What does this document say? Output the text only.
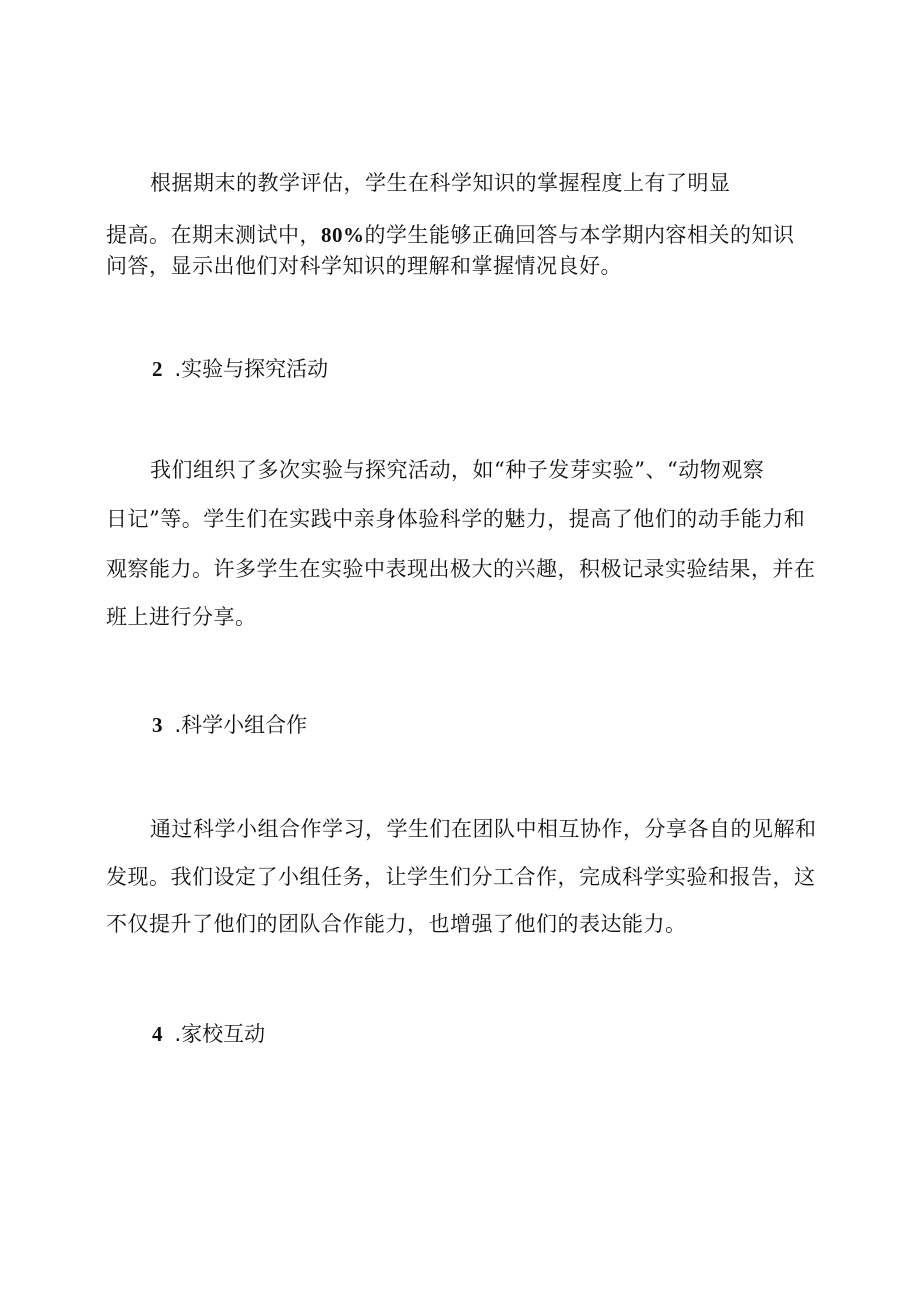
根据期末的教学评估，学生在科学知识的掌握程度上有了明显
提高。在期末测试中，80%的学生能够正确回答与本学期内容相关的知识
问答，显示出他们对科学知识的理解和掌握情况良好。
2 .实验与探究活动
我们组织了多次实验与探究活动，如“种子发芽实验”、“动物观察
日记”等。学生们在实践中亲身体验科学的魅力，提高了他们的动手能力和
观察能力。许多学生在实验中表现出极大的兴趣，积极记录实验结果，并在
班上进行分享。
3 .科学小组合作
通过科学小组合作学习，学生们在团队中相互协作，分享各自的见解和
发现。我们设定了小组任务，让学生们分工合作，完成科学实验和报告，这
不仅提升了他们的团队合作能力，也增强了他们的表达能力。
4 .家校互动
